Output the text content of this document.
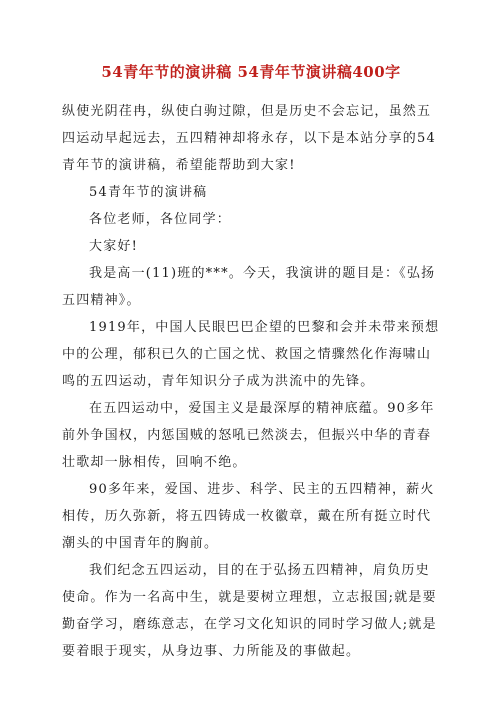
54青年节的演讲稿 54青年节演讲稿400字

纵使光阴荏冉，纵使白驹过隙，但是历史不会忘记，虽然五四运动早起远去，五四精神却将永存，以下是本站分享的54青年节的演讲稿，希望能帮助到大家!

54青年节的演讲稿

各位老师，各位同学：

大家好!

我是高一(11)班的***。今天，我演讲的题目是：《弘扬五四精神》。

1919年，中国人民眼巴巴企望的巴黎和会并未带来预想中的公理，郁积已久的亡国之忧、救国之情骤然化作海啸山鸣的五四运动，青年知识分子成为洪流中的先锋。

在五四运动中，爱国主义是最深厚的精神底蕴。90多年前外争国权，内惩国贼的怒吼已然淡去，但振兴中华的青春壮歌却一脉相传，回响不绝。

90多年来，爱国、进步、科学、民主的五四精神，薪火相传，历久弥新，将五四铸成一枚徽章，戴在所有挺立时代潮头的中国青年的胸前。

我们纪念五四运动，目的在于弘扬五四精神，肩负历史使命。作为一名高中生，就是要树立理想，立志报国;就是要勤奋学习，磨练意志，在学习文化知识的同时学习做人;就是要着眼于现实，从身边事、力所能及的事做起。
